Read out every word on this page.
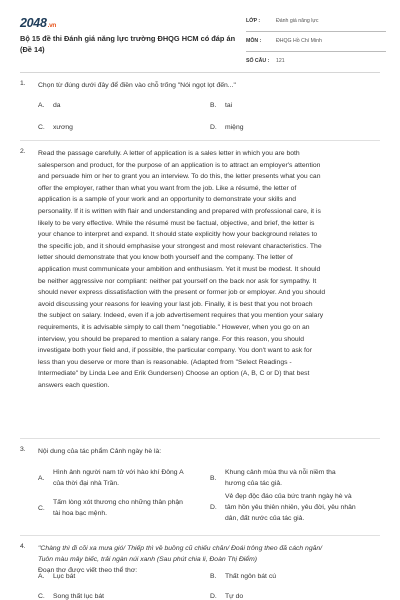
2048.vn
Bộ 15 đề thi Đánh giá năng lực trường ĐHQG HCM có đáp án (Đề 14)
LỚP :	Đánh giá năng lực
MÔN :	ĐHQG Hồ Chí Minh
SỐ CÂU : 121
1. Chọn từ đúng dưới đây để điền vào chỗ trống "Nói ngọt lọt đến..."
A. da	B. tai
C. xương	D. miệng
2. Read the passage carefully. A letter of application is a sales letter in which you are both
salesperson and product, for the purpose of an application is to attract an employer's attention
and persuade him or her to grant you an interview. To do this, the letter presents what you can
offer the employer, rather than what you want from the job. Like a résumé, the letter of
application is a sample of your work and an opportunity to demonstrate your skills and
personality. If it is written with flair and understanding and prepared with professional care, it is
likely to be very effective. While the résumé must be factual, objective, and brief, the letter is
your chance to interpret and expand. It should state explicitly how your background relates to
the specific job, and it should emphasise your strongest and most relevant characteristics. The
letter should demonstrate that you know both yourself and the company. The letter of
application must communicate your ambition and enthusiasm. Yet it must be modest. It should
be neither aggressive nor compliant: neither pat yourself on the back nor ask for sympathy. It
should never express dissatisfaction with the present or former job or employer. And you should
avoid discussing your reasons for leaving your last job. Finally, it is best that you not broach
the subject on salary. Indeed, even if a job advertisement requires that you mention your salary
requirements, it is advisable simply to call them "negotiable." However, when you go on an
interview, you should be prepared to mention a salary range. For this reason, you should
investigate both your field and, if possible, the particular company. You don't want to ask for
less than you deserve or more than is reasonable. (Adapted from "Select Readings -
Intermediate" by Linda Lee and Erik Gundersen) Choose an option (A, B, C or D) that best
answers each question.
3. Nội dung của tác phẩm Cảnh ngày hè là:
A.
Hình ảnh người nam tử với hào khí Đông A
của thời đại nhà Trần.
B.
Khung cảnh mùa thu và nỗi niềm tha
hương của tác giả.
C.
Tấm lòng xót thương cho những thân phận
tài hoa bạc mệnh.
D.
Vẻ đẹp độc đáo của bức tranh ngày hè và
tâm hồn yêu thiên nhiên, yêu đời, yêu nhân
dân, đất nước của tác giả.
4. "Chàng thì đi cõi xa mưa gió/ Thiếp thì về buồng cũ chiếu chăn/ Đoái trông theo đã cách ngăn/
Tuôn màu mây biếc, trải ngàn núi xanh (Sau phút chia li, Đoàn Thị Điểm)
Đoạn thơ được viết theo thể thơ:
A. Lục bát	B. Thất ngôn bát cú
C. Song thất lục bát	D. Tự do
